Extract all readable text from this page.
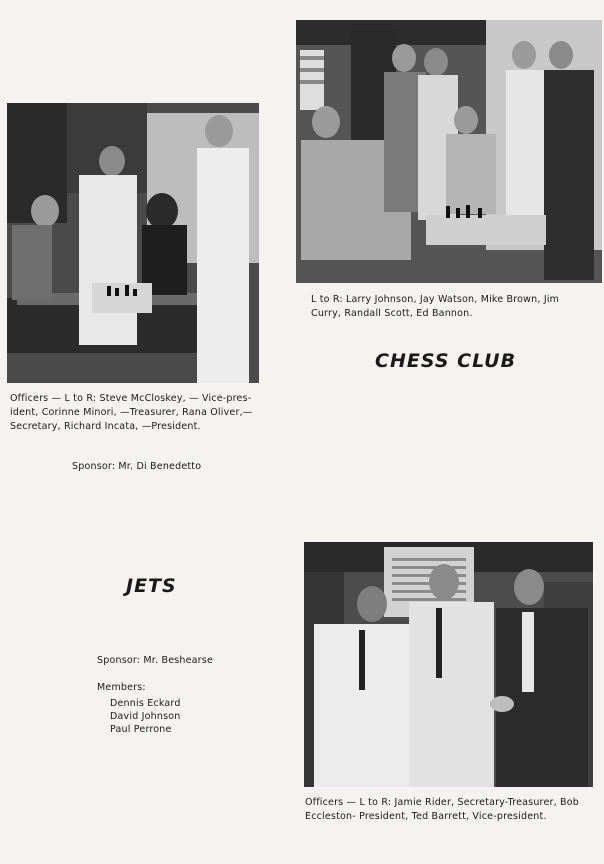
L to R: Larry Johnson, Jay Watson, Mike Brown, Jim
Curry, Randall Scott, Ed Bannon.
CHESS CLUB
Officers — L to R: Steve McCloskey, — Vice-pres-
ident, Corinne Minori, —Treasurer, Rana Oliver,—
Secretary, Richard Incata, —President.
Sponsor: Mr. Di Benedetto
JETS
Sponsor: Mr. Beshearse
Members:
Dennis Eckard
David Johnson
Paul Perrone
Officers — L to R: Jamie Rider, Secretary-Treasurer, Bob
Eccleston- President, Ted Barrett, Vice-president.
